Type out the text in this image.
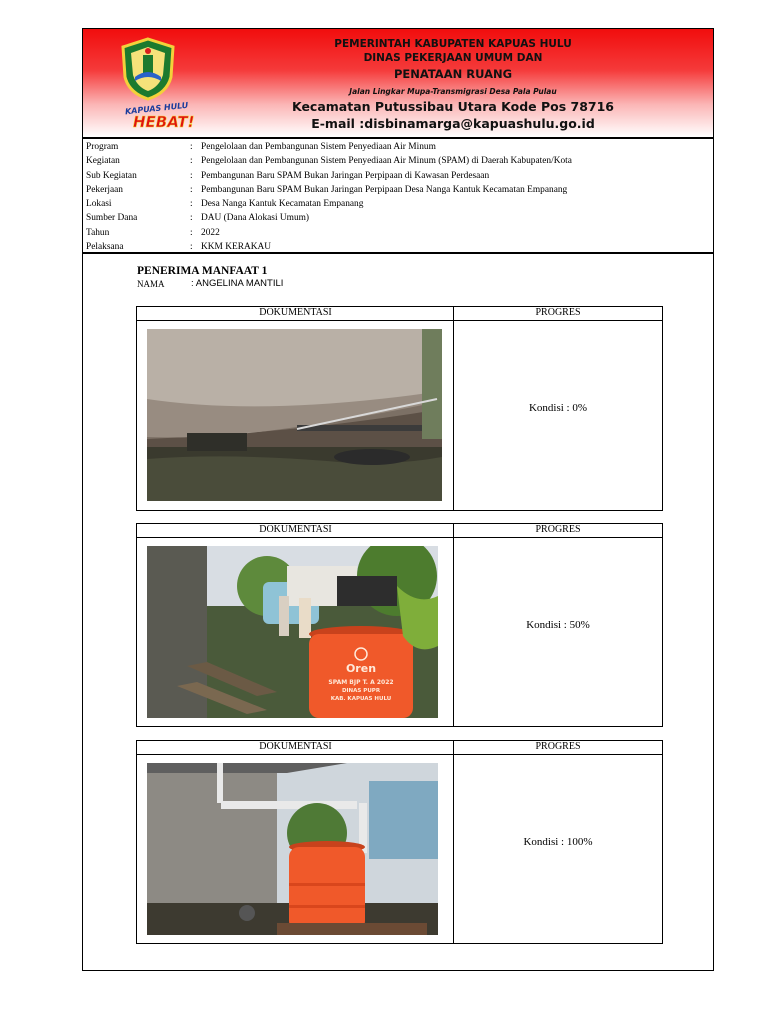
KAPUAS HULU
HEBAT!
PEMERINTAH KABUPATEN KAPUAS HULU
DINAS PEKERJAAN UMUM DAN
PENATAAN RUANG
Jalan Lingkar Mupa-Transmigrasi Desa Pala Pulau
Kecamatan Putussibau Utara Kode Pos 78716
E-mail :disbinamarga@kapuashulu.go.id
Program	: Pengelolaan dan Pembangunan Sistem Penyediaan Air Minum
Kegiatan	: Pengelolaan dan Pembangunan Sistem Penyediaan Air Minum (SPAM) di Daerah Kabupaten/Kota
Sub Kegiatan	: Pembangunan Baru SPAM Bukan Jaringan Perpipaan di Kawasan Perdesaan
Pekerjaan	: Pembangunan Baru SPAM Bukan Jaringan Perpipaan Desa Nanga Kantuk Kecamatan Empanang
Lokasi	: Desa Nanga Kantuk Kecamatan Empanang
Sumber Dana	: DAU (Dana Alokasi Umum)
Tahun	: 2022
Pelaksana	: KKM KERAKAU
PENERIMA MANFAAT 1
NAMA	: ANGELINA MANTILI
DOKUMENTASI	PROGRES
Kondisi : 0%
DOKUMENTASI	PROGRES
Oren
SPAM BJP T. A 2022
DINAS PUPR
KAB. KAPUAS HULU
Kondisi : 50%
DOKUMENTASI	PROGRES
Kondisi : 100%
